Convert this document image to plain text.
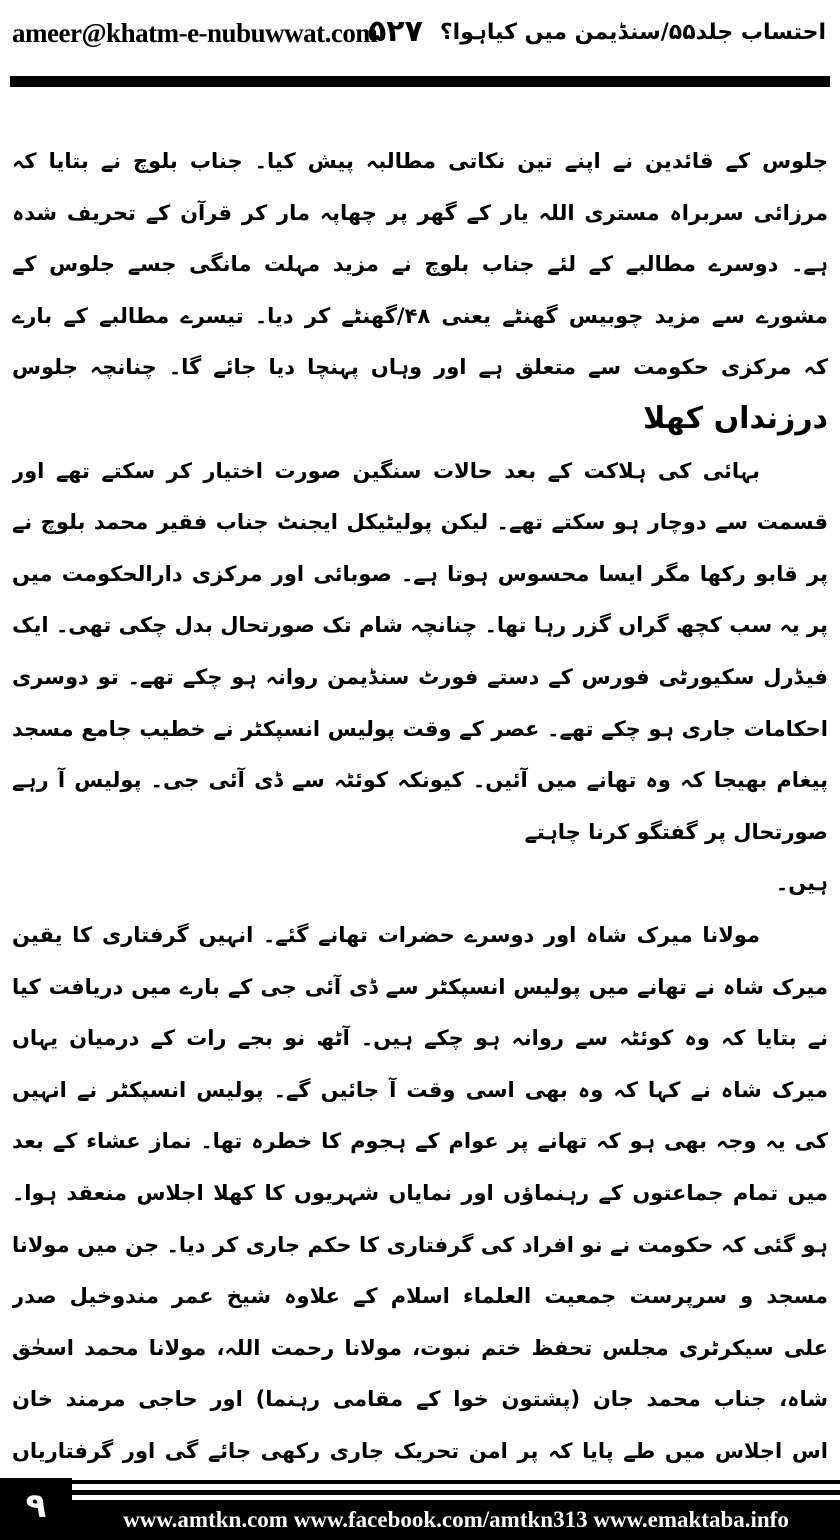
ameer@khatm-e-nubuwwat.com
۵۲۷ احتساب جلد۵۵/سنڈیمن میں کیاہوا؟
جلوس کے قائدین نے اپنے تین نکاتی مطالبہ پیش کیا۔ جناب بلوچ نے بتایا کہ
مرزائی سربراہ مستری اللہ یار کے گھر پر چھاپہ مار کر قرآن کے تحریف شدہ
ہے۔ دوسرے مطالبے کے لئے جناب بلوچ نے مزید مہلت مانگی جسے جلوس کے
مشورے سے مزید چوبیس گھنٹے یعنی ۴۸/گھنٹے کر دیا۔ تیسرے مطالبے کے بارے
کہ مرکزی حکومت سے متعلق ہے اور وہاں پہنچا دیا جائے گا۔ چنانچہ جلوس
درزنداں کھلا
بہائی کی ہلاکت کے بعد حالات سنگین صورت اختیار کر سکتے تھے اور
قسمت سے دوچار ہو سکتے تھے۔ لیکن پولیٹیکل ایجنٹ جناب فقیر محمد بلوچ نے
پر قابو رکھا مگر ایسا محسوس ہوتا ہے۔ صوبائی اور مرکزی دارالحکومت میں
پر یہ سب کچھ گراں گزر رہا تھا۔ چنانچہ شام تک صورتحال بدل چکی تھی۔ ایک
فیڈرل سکیورٹی فورس کے دستے فورٹ سنڈیمن روانہ ہو چکے تھے۔ تو دوسری
احکامات جاری ہو چکے تھے۔ عصر کے وقت پولیس انسپکٹر نے خطیب جامع مسجد
پیغام بھیجا کہ وہ تھانے میں آئیں۔ کیونکہ کوئٹہ سے ڈی آئی جی۔ پولیس آ رہے
صورتحال پر گفتگو کرنا چاہتے
ہیں۔
مولانا میرک شاہ اور دوسرے حضرات تھانے گئے۔ انہیں گرفتاری کا یقین
میرک شاہ نے تھانے میں پولیس انسپکٹر سے ڈی آئی جی کے بارے میں دریافت کیا
نے بتایا کہ وہ کوئٹہ سے روانہ ہو چکے ہیں۔ آٹھ نو بجے رات کے درمیان یہاں
میرک شاہ نے کہا کہ وہ بھی اسی وقت آ جائیں گے۔ پولیس انسپکٹر نے انہیں
کی یہ وجہ بھی ہو کہ تھانے پر عوام کے ہجوم کا خطرہ تھا۔ نماز عشاء کے بعد
میں تمام جماعتوں کے رہنماؤں اور نمایاں شہریوں کا کھلا اجلاس منعقد ہوا۔
ہو گئی کہ حکومت نے نو افراد کی گرفتاری کا حکم جاری کر دیا۔ جن میں مولانا
مسجد و سرپرست جمعیت العلماء اسلام کے علاوہ شیخ عمر مندوخیل صدر
علی سیکرٹری مجلس تحفظ ختم نبوت، مولانا رحمت اللہ، مولانا محمد اسحٰق
شاہ، جناب محمد جان (پشتون خوا کے مقامی رہنما) اور حاجی مرمند خان
اس اجلاس میں طے پایا کہ پر امن تحریک جاری رکھی جائے گی اور گرفتاریاں
٩	www.amtkn.com www.facebook.com/amtkn313 www.emaktaba.info
